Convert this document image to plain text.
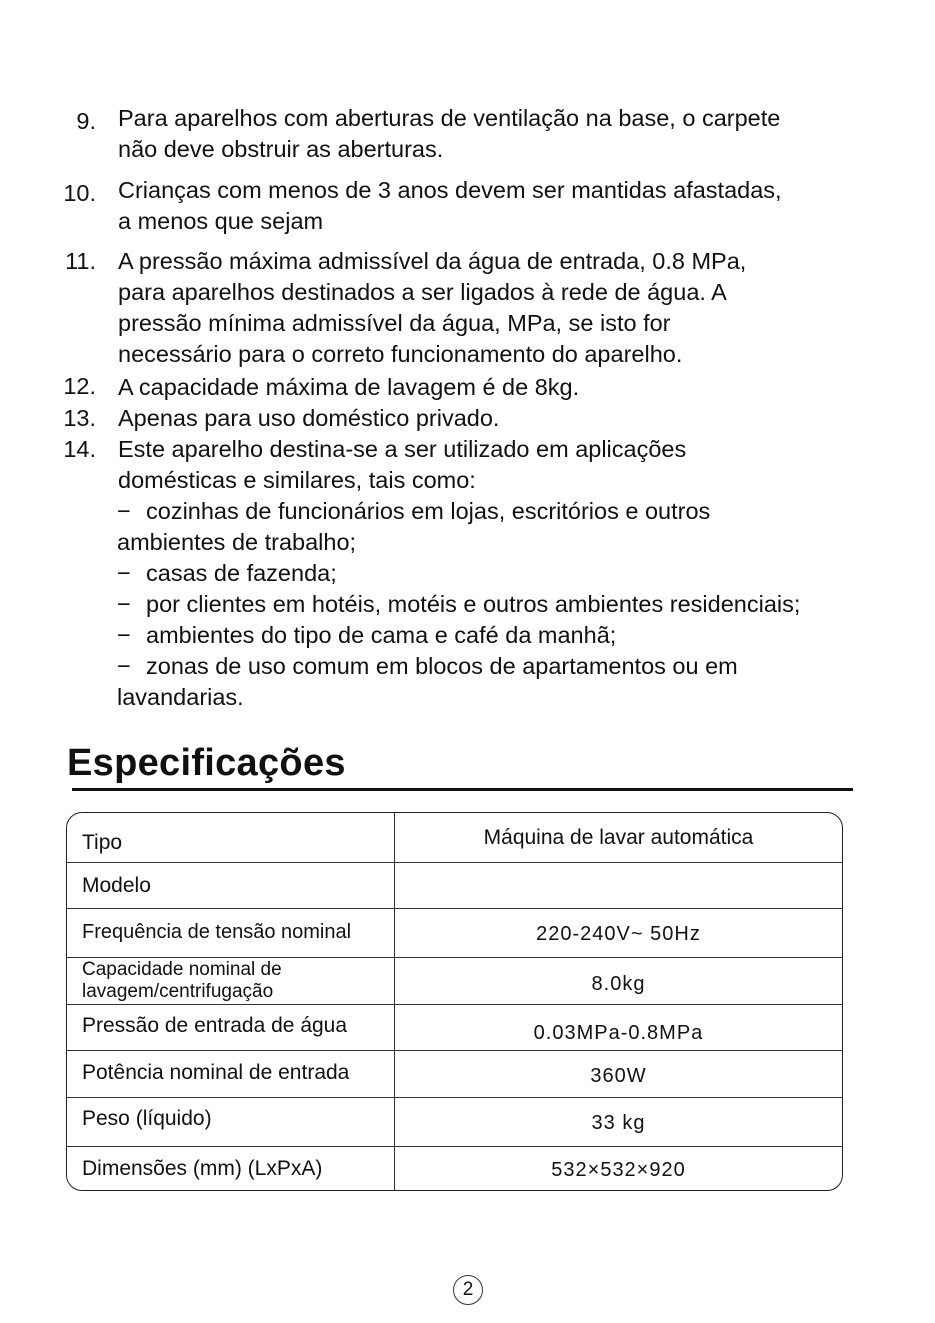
9. Para aparelhos com aberturas de ventilação na base, o carpete
não deve obstruir as aberturas.
10. Crianças com menos de 3 anos devem ser mantidas afastadas,
a menos que sejam
11. A pressão máxima admissível da água de entrada, 0.8 MPa,
para aparelhos destinados a ser ligados à rede de água. A
pressão mínima admissível da água, MPa, se isto for
necessário para o correto funcionamento do aparelho.
12. A capacidade máxima de lavagem é de 8kg.
13. Apenas para uso doméstico privado.
14. Este aparelho destina-se a ser utilizado em aplicações
domésticas e similares, tais como:
− cozinhas de funcionários em lojas, escritórios e outros
ambientes de trabalho;
− casas de fazenda;
− por clientes em hotéis, motéis e outros ambientes residenciais;
− ambientes do tipo de cama e café da manhã;
− zonas de uso comum em blocos de apartamentos ou em
lavandarias.
Especificações
Tipo	Máquina de lavar automática
Modelo
Frequência de tensão nominal	220-240V~ 50Hz
Capacidade nominal de
lavagem/centrifugação	8.0kg
Pressão de entrada de água	0.03MPa-0.8MPa
Potência nominal de entrada	360W
Peso (líquido)	33 kg
Dimensões (mm) (LxPxA)	532×532×920
2
